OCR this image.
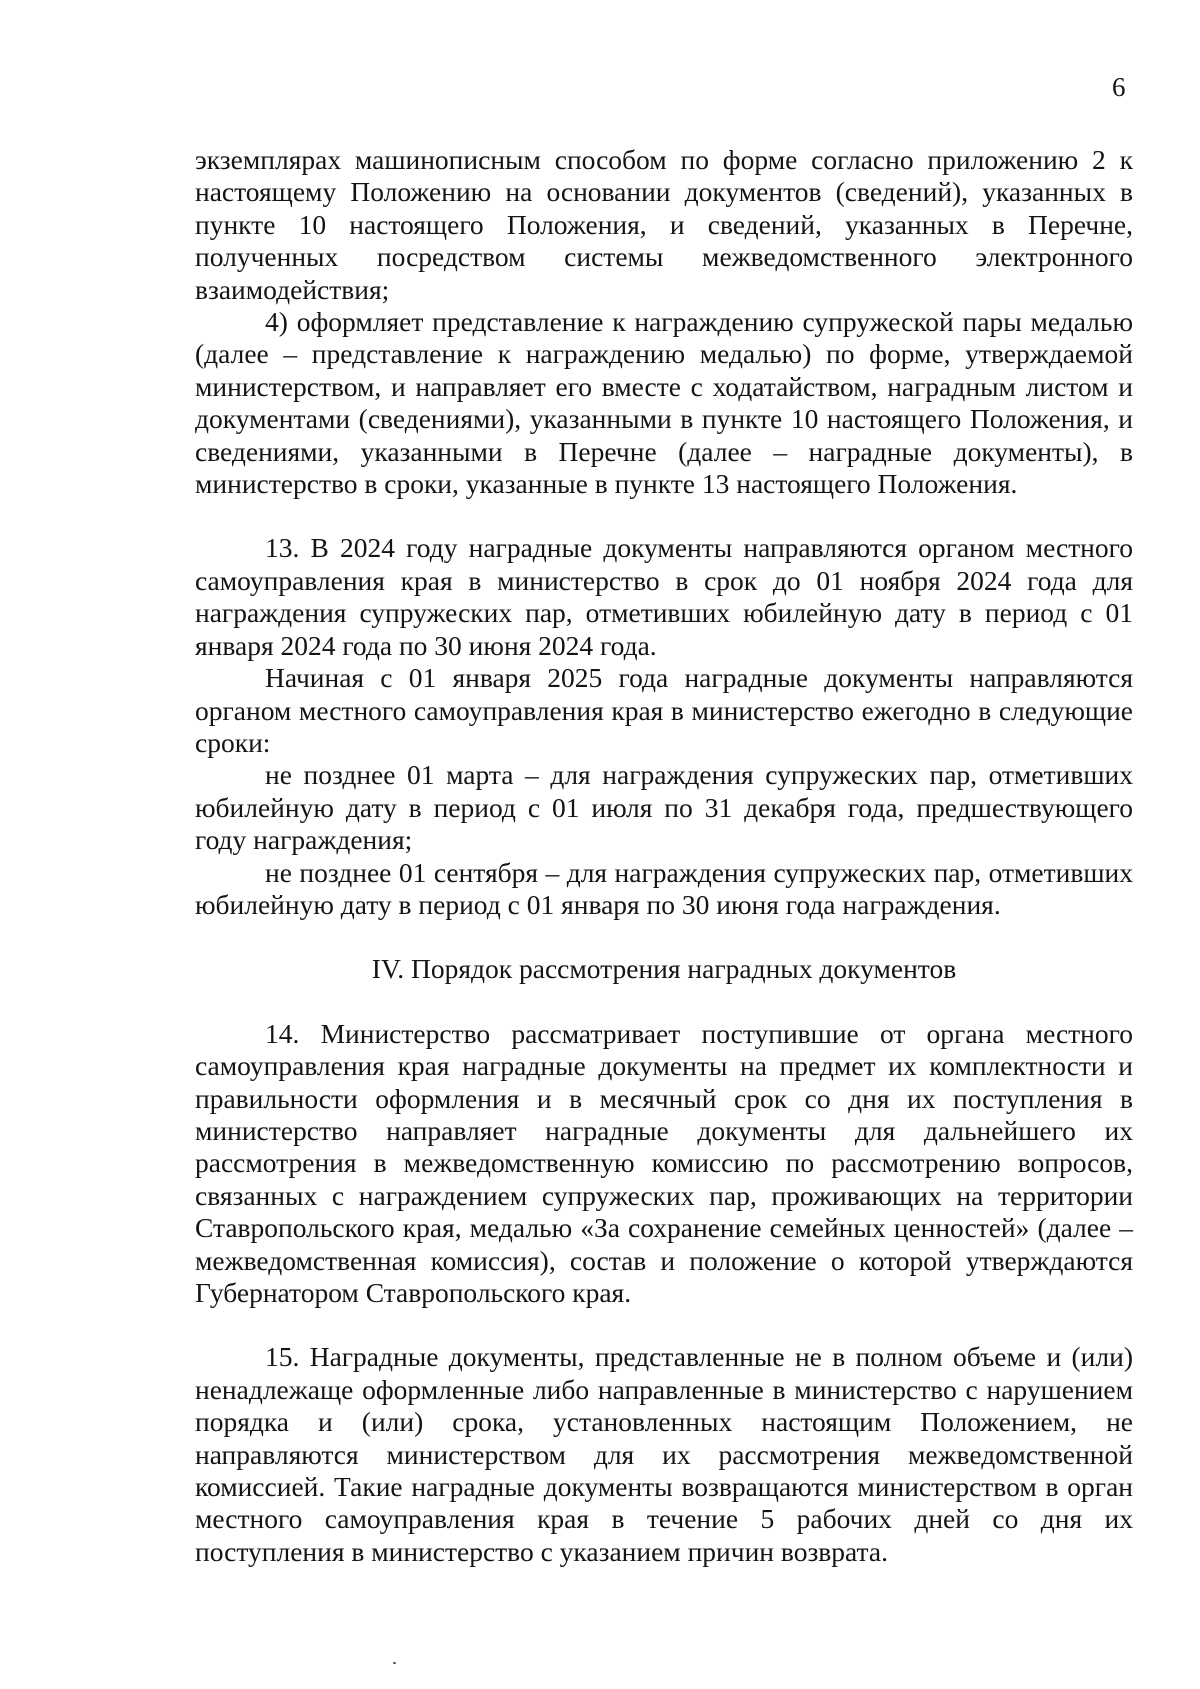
6

экземплярах машинописным способом по форме согласно приложению 2 к настоящему Положению на основании документов (сведений), указанных в пункте 10 настоящего Положения, и сведений, указанных в Перечне, полученных посредством системы межведомственного электронного взаимодействия;

4) оформляет представление к награждению супружеской пары медалью (далее – представление к награждению медалью) по форме, утверждаемой министерством, и направляет его вместе с ходатайством, наградным листом и документами (сведениями), указанными в пункте 10 настоящего Положения, и сведениями, указанными в Перечне (далее – наградные документы), в министерство в сроки, указанные в пункте 13 настоящего Положения.

13. В 2024 году наградные документы направляются органом местного самоуправления края в министерство в срок до 01 ноября 2024 года для награждения супружеских пар, отметивших юбилейную дату в период с 01 января 2024 года по 30 июня 2024 года.

Начиная с 01 января 2025 года наградные документы направляются органом местного самоуправления края в министерство ежегодно в следующие сроки:

не позднее 01 марта – для награждения супружеских пар, отметивших юбилейную дату в период с 01 июля по 31 декабря года, предшествующего году награждения;

не позднее 01 сентября – для награждения супружеских пар, отметивших юбилейную дату в период с 01 января по 30 июня года награждения.

IV. Порядок рассмотрения наградных документов

14. Министерство рассматривает поступившие от органа местного самоуправления края наградные документы на предмет их комплектности и правильности оформления и в месячный срок со дня их поступления в министерство направляет наградные документы для дальнейшего их рассмотрения в межведомственную комиссию по рассмотрению вопросов, связанных с награждением супружеских пар, проживающих на территории Ставропольского края, медалью «За сохранение семейных ценностей» (далее – межведомственная комиссия), состав и положение о которой утверждаются Губернатором Ставропольского края.

15. Наградные документы, представленные не в полном объеме и (или) ненадлежаще оформленные либо направленные в министерство с нарушением порядка и (или) срока, установленных настоящим Положением, не направляются министерством для их рассмотрения межведомственной комиссией. Такие наградные документы возвращаются министерством в орган местного самоуправления края в течение 5 рабочих дней со дня их поступления в министерство с указанием причин возврата.
